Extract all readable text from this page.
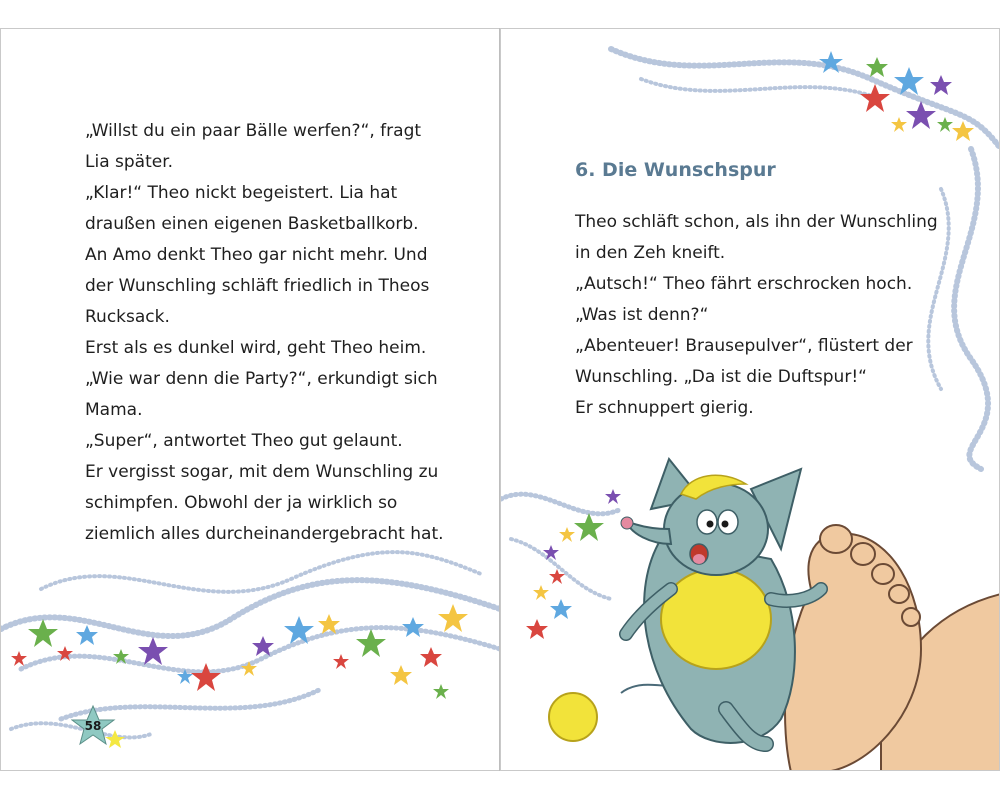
„Willst du ein paar Bälle werfen?“, fragt

Lia später.

„Klar!“ Theo nickt begeistert. Lia hat

draußen einen eigenen Basketballkorb.

An Amo denkt Theo gar nicht mehr. Und

der Wunschling schläft friedlich in Theos

Rucksack.

Erst als es dunkel wird, geht Theo heim.

„Wie war denn die Party?“, erkundigt sich

Mama.

„Super“, antwortet Theo gut gelaunt.

Er vergisst sogar, mit dem Wunschling zu

schimpfen. Obwohl der ja wirklich so

ziemlich alles durcheinandergebracht hat.

58
6. Die Wunschspur

Theo schläft schon, als ihn der Wunschling

in den Zeh kneift.

„Autsch!“ Theo fährt erschrocken hoch.

„Was ist denn?“

„Abenteuer! Brausepulver“, flüstert der

Wunschling. „Da ist die Duftspur!“

Er schnuppert gierig.
